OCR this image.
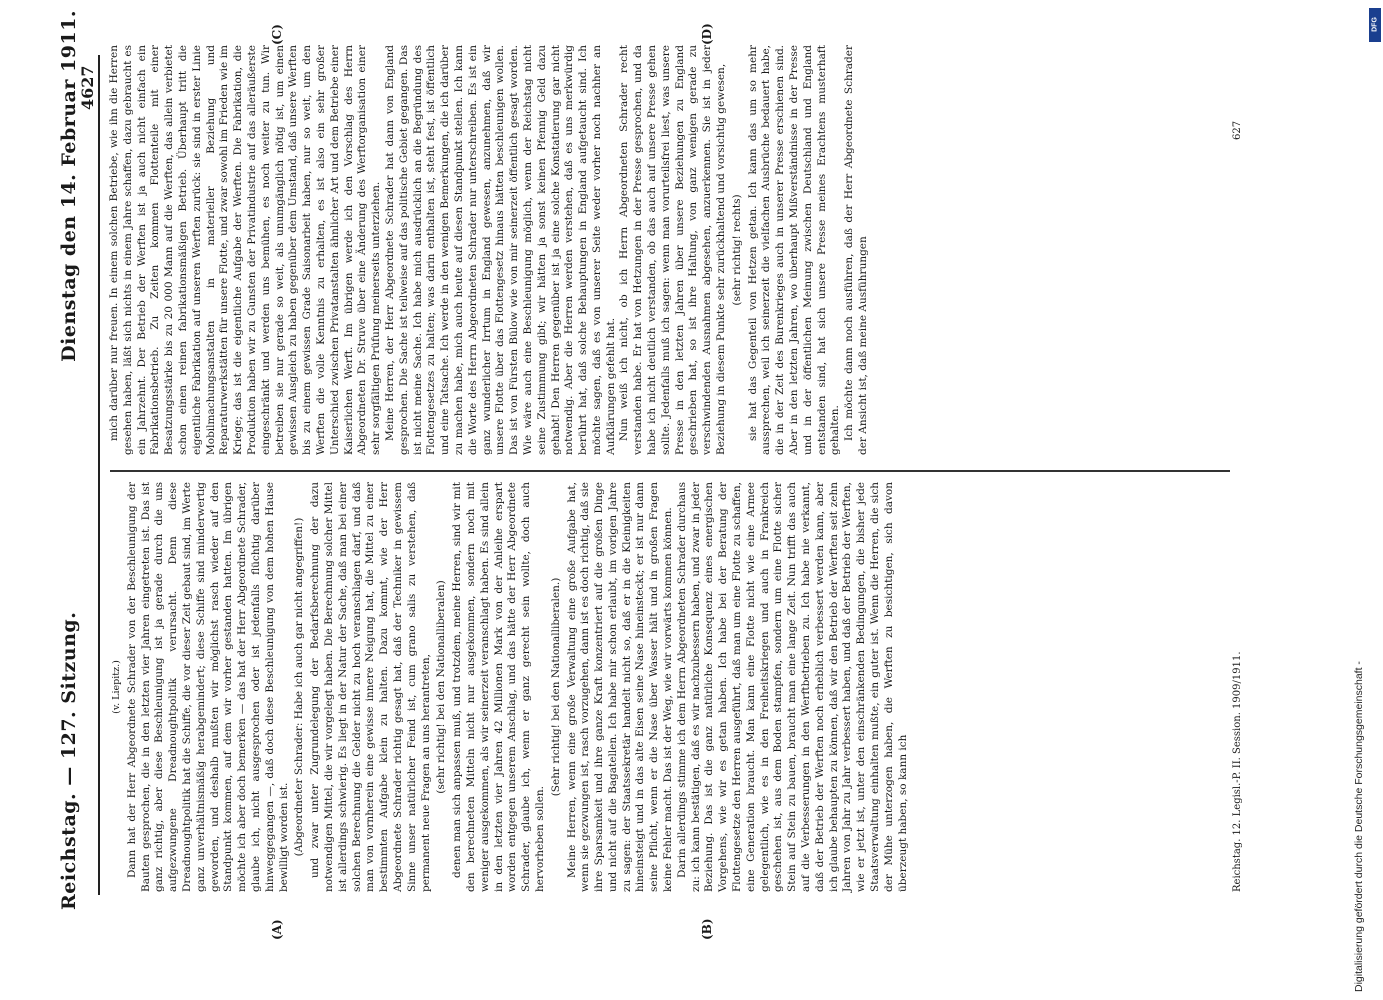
Reichstag. — 127. Sitzung.
Dienstag den 14. Februar 1911.
4627
(A)	(B)
(C)	(D)

(v. Liepitz.) Dann hat der Herr Abgeordnete Schrader von der Beschleunigung der Bauten gesprochen, die in den letzten vier Jahren eingetreten ist. Das ist ganz richtig, aber diese Beschleunigung ist ja gerade durch die uns aufgezwungene Dreadnoughtpolitik verursacht. Denn diese Dreadnoughtpolitik hat die Schiffe, die vor dieser Zeit gebaut sind, im Werte ganz unverhältnismäßig herabgemindert; diese Schiffe sind minderwertig geworden, und deshalb mußten wir möglichst rasch wieder auf den Standpunkt kommen, auf dem wir vorher gestanden hatten. Im übrigen möchte ich aber doch bemerken — das hat der Herr Abgeordnete Schrader, glaube ich, nicht ausgesprochen oder ist jedenfalls flüchtig darüber hinweggegangen —, daß doch diese Beschleunigung von dem hohen Hause bewilligt worden ist. (Abgeordneter Schrader: Habe ich auch gar nicht angegriffen!) und zwar unter Zugrundelegung der Bedarfsberechnung der dazu notwendigen Mittel, die wir vorgelegt haben. Die Berechnung solcher Mittel ist allerdings schwierig. Es liegt in der Natur der Sache, daß man bei einer solchen Berechnung die Gelder nicht zu hoch veranschlagen darf, und daß man von vornherein eine gewisse innere Neigung hat, die Mittel zu einer bestimmten Aufgabe klein zu halten. Dazu kommt, wie der Herr Abgeordnete Schrader richtig gesagt hat, daß der Techniker in gewissem Sinne unser natürlicher Feind ist, cum grano salis zu verstehen, daß permanent neue Fragen an uns herantreten, (sehr richtig! bei den Nationalliberalen) denen man sich anpassen muß, und trotzdem, meine Herren, sind wir mit den berechneten Mitteln nicht nur ausgekommen, sondern noch mit weniger ausgekommen, als wir seinerzeit veranschlagt haben. Es sind allein in den letzten vier Jahren 42 Millionen Mark von der Anleihe erspart worden entgegen unserem Anschlag, und das hätte der Herr Abgeordnete Schrader, glaube ich, wenn er ganz gerecht sein wollte, doch auch hervorheben sollen.

(Sehr richtig! bei den Nationalliberalen.) Meine Herren, wenn eine große Verwaltung eine große Aufgabe hat, wenn sie gezwungen ist, rasch vorzugehen, dann ist es doch richtig, daß sie ihre Sparsamkeit und ihre ganze Kraft konzentriert auf die großen Dinge und nicht auf die Bagatellen. Ich habe mir schon erlaubt, im vorigen Jahre zu sagen: der Staatssekretär handelt nicht so, daß er in die Kleinigkeiten hineinsteigt und in das alte Eisen seine Nase hineinsteckt; er ist nur dann seine Pflicht, wenn er die Nase über Wasser hält und in großen Fragen keine Fehler macht. Das ist der Weg, wie wir vorwärts kommen können. Darin allerdings stimme ich dem Herrn Abgeordneten Schrader durchaus zu: ich kann bestätigen, daß es wir nachzubessern haben, und zwar in jeder Beziehung. Das ist die ganz natürliche Konsequenz eines energischen Vorgehens, wie wir es getan haben. Ich habe bei der Beratung der Flottengesetze den Herren ausgeführt, daß man um eine Flotte zu schaffen, eine Generation braucht. Man kann eine Flotte nicht wie eine Armee gelegentlich, wie es in den Freiheitskriegen und auch in Frankreich geschehen ist, aus dem Boden stampfen, sondern um eine Flotte sicher Stein auf Stein zu bauen, braucht man eine lange Zeit. Nun trifft das auch auf die Verbesserungen in den Werftbetrieben zu. Ich habe nie verkannt, daß der Betrieb der Werften noch erheblich verbessert werden kann, aber ich glaube behaupten zu können, daß wir den Betrieb der Werften seit zehn Jahren von Jahr zu Jahr verbessert haben, und daß der Betrieb der Werften, wie er jetzt ist, unter den einschränkenden Bedingungen, die bisher jede Staatsverwaltung einhalten mußte, ein guter ist. Wenn die Herren, die sich der Mühe unterzogen haben, die Werften zu besichtigen, sich davon überzeugt haben, so kann ich

mich darüber nur freuen. In einem solchen Betriebe, wie ihn die Herren gesehen haben, läßt sich nichts in einem Jahre schaffen, dazu gebraucht es ein Jahrzehnt. Der Betrieb der Werften ist ja auch nicht einfach ein Fabrikationsbetrieb. Zu Zeiten kommen Flottenteile mit einer Besatzungsstärke bis zu 20 000 Mann auf die Werften, das allein verbietet schon einen reinen fabrikationsmäßigen Betrieb. Überhaupt tritt die eigentliche Fabrikation auf unseren Werften zurück: sie sind in erster Linie Mobilmachungsanstalten in materieller Beziehung und Reparaturwerkstätten für unsere Flotte, und zwar sowohl im Frieden wie im Kriege; das ist die eigentliche Aufgabe der Werften. Die Fabrikation, die Produktion haben wir zu Gunsten der Privatindustrie auf das alleräußerste eingeschränkt und werden uns bemühen, es noch weiter zu tun. Wir betreiben sie nur gerade so weit, als unumgänglich nötig ist, um einen gewissen Ausgleich zu haben gegenüber dem Umstand, daß unsere Werften bis zu einem gewissen Grade Saisonarbeit haben, nur so weit, um den Werften die volle Kenntnis zu erhalten, es ist also ein sehr großer Unterschied zwischen Privatanstalten ähnlicher Art und dem Betriebe einer Kaiserlichen Werft. Im übrigen werde ich den Vorschlag des Herrn Abgeordneten Dr. Struve über eine Änderung des Werftorganisation einer sehr sorgfältigen Prüfung meinerseits unterziehen. Meine Herren, der Herr Abgeordnete Schrader hat dann von England gesprochen. Die Sache ist teilweise auf das politische Gebiet gegangen. Das ist nicht meine Sache. Ich habe mich ausdrücklich an die Begründung des Flottengesetzes zu halten; was darin enthalten ist, steht fest, ist öffentlich und eine Tatsache. Ich werde in den wenigen Bemerkungen, die ich darüber zu machen habe, mich auch heute auf diesen Standpunkt stellen. Ich kann die Worte des Herrn Abgeordneten Schrader nur unterschreiben. Es ist ein ganz wunderlicher Irrtum in England gewesen, anzunehmen, daß wir unsere Flotte über das Flottengesetz hinaus hätten beschleunigen wollen. Das ist von Fürsten Bülow wie von mir seinerzeit öffentlich gesagt worden. Wie wäre auch eine Beschleunigung möglich, wenn der Reichstag nicht seine Zustimmung gibt; wir hätten ja sonst keinen Pfennig Geld dazu gehabt! Den Herren gegenüber ist ja eine solche Konstatierung gar nicht notwendig. Aber die Herren werden verstehen, daß es uns merkwürdig berührt hat, daß solche Behauptungen in England aufgetaucht sind. Ich möchte sagen, daß es von unserer Seite weder vorher noch nachher an Aufklärungen gefehlt hat. Nun weiß ich nicht, ob ich Herrn Abgeordneten Schrader recht verstanden habe. Er hat von Hetzungen in der Presse gesprochen, und da habe ich nicht deutlich verstanden, ob das auch auf unsere Presse gehen sollte. Jedenfalls muß ich sagen: wenn man vorurteilsfrei liest, was unsere Presse in den letzten Jahren über unsere Beziehungen zu England geschrieben hat, so ist ihre Haltung, von ganz wenigen gerade zu verschwindenden Ausnahmen abgesehen, anzuerkennen. Sie ist in jeder Beziehung in diesem Punkte sehr zurückhaltend und vorsichtig gewesen, (sehr richtig! rechts) sie hat das Gegenteil von Hetzen getan. Ich kann das um so mehr aussprechen, weil ich seinerzeit die vielfachen Ausbrüche bedauert habe, die in der Zeit des Burenkrieges auch in unserer Presse erschienen sind. Aber in den letzten Jahren, wo überhaupt Mißverständnisse in der Presse und in der öffentlichen Meinung zwischen Deutschland und England entstanden sind, hat sich unsere Presse meines Erachtens musterhaft gehalten. Ich möchte dann noch ausführen, daß der Herr Abgeordnete Schrader der Ansicht ist, daß meine Ausführungen

Reichstag. 12. Legisl.-P. II. Session. 1909/1911.
627
Digitalisierung gefördert durch die Deutsche Forschungsgemeinschaft -
DFG
